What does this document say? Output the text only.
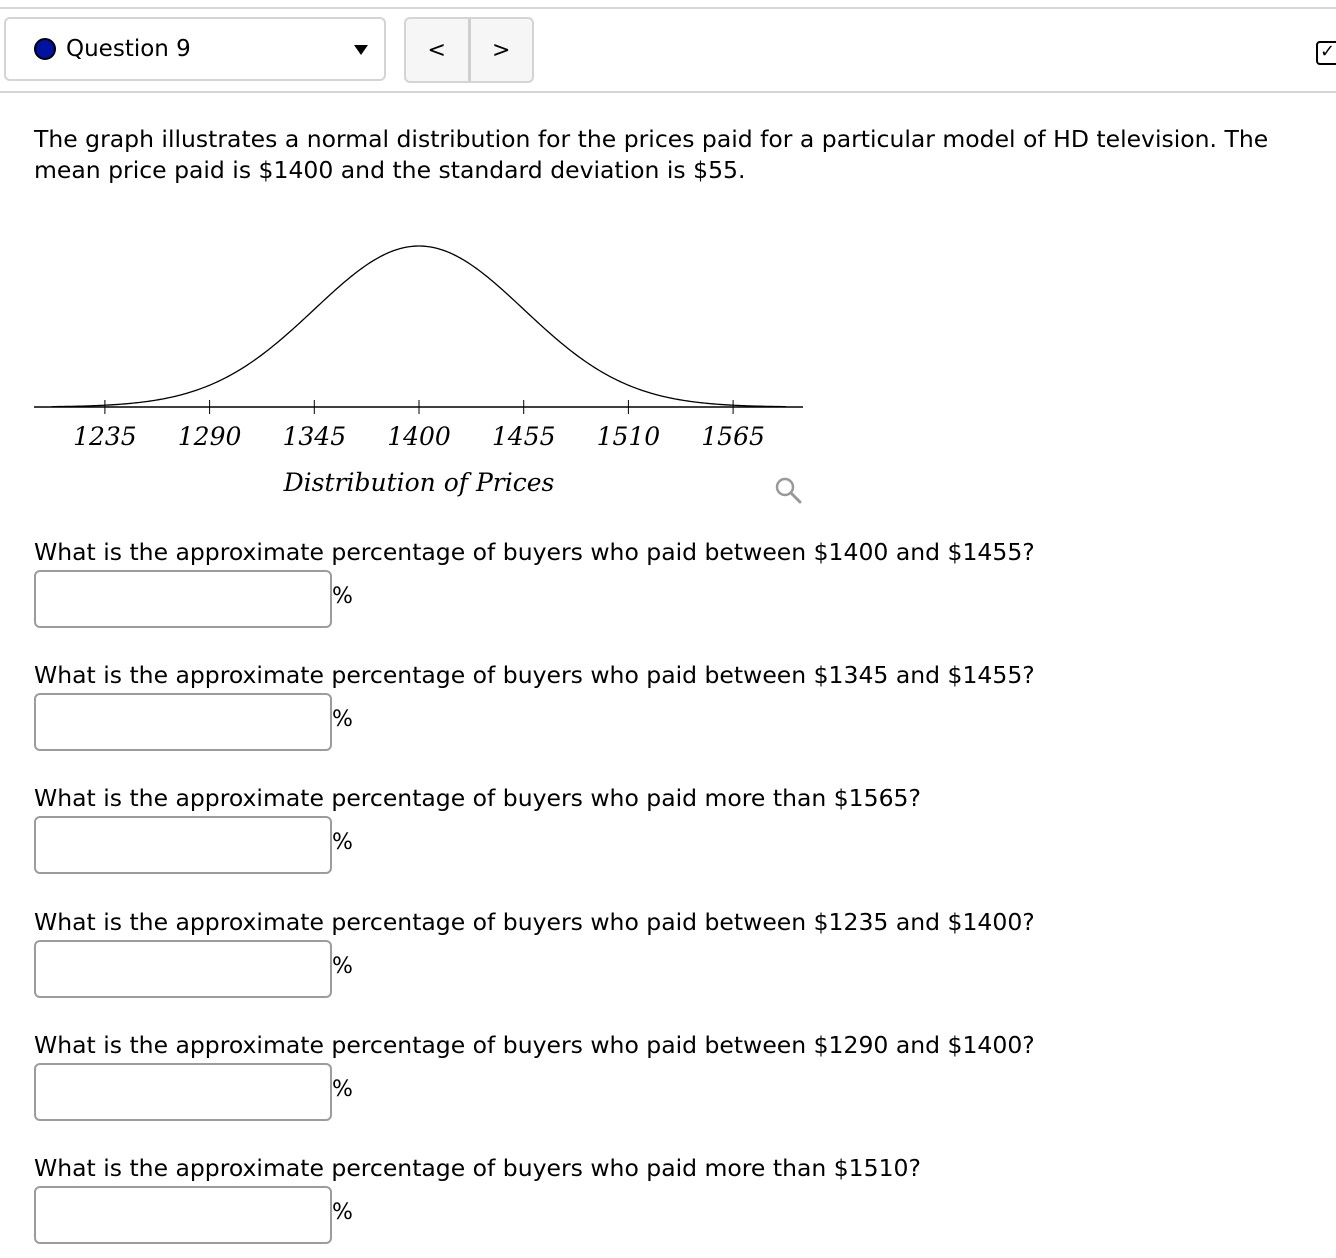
Question 9	<	>	✓
The graph illustrates a normal distribution for the prices paid for a particular model of HD television. The mean price paid is $1400 and the standard deviation is $55.
1235 1290 1345 1400 1455 1510 1565
Distribution of Prices
What is the approximate percentage of buyers who paid between $1400 and $1455?
%
What is the approximate percentage of buyers who paid between $1345 and $1455?
%
What is the approximate percentage of buyers who paid more than $1565?
%
What is the approximate percentage of buyers who paid between $1235 and $1400?
%
What is the approximate percentage of buyers who paid between $1290 and $1400?
%
What is the approximate percentage of buyers who paid more than $1510?
%
